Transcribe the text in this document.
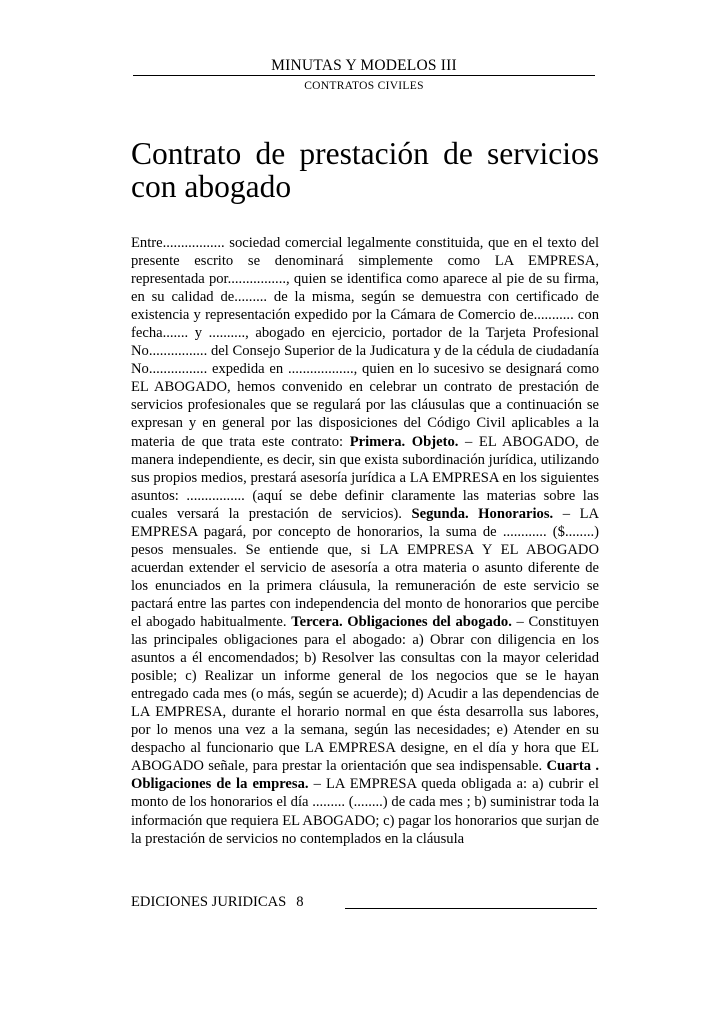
MINUTAS Y MODELOS III
CONTRATOS CIVILES
Contrato de prestación de servicios con abogado

Entre................. sociedad comercial legalmente constituida, que en el texto del presente escrito se denominará simplemente como LA EMPRESA, representada por................, quien se identifica como aparece al pie de su firma, en su calidad de......... de la misma, según se demuestra con certificado de existencia y representación expedido por la Cámara de Comercio de........... con fecha....... y .........., abogado en ejercicio, portador de la Tarjeta Profesional No................ del Consejo Superior de la Judicatura y de la cédula de ciudadanía No................ expedida en .................., quien en lo sucesivo se designará como EL ABOGADO, hemos convenido en celebrar un contrato de prestación de servicios profesionales que se regulará por las cláusulas que a continuación se expresan y en general por las disposiciones del Código Civil aplicables a la materia de que trata este contrato: Primera. Objeto. – EL ABOGADO, de manera independiente, es decir, sin que exista subordinación jurídica, utilizando sus propios medios, prestará asesoría jurídica a LA EMPRESA en los siguientes asuntos: ................ (aquí se debe definir claramente las materias sobre las cuales versará la prestación de servicios). Segunda. Honorarios. – LA EMPRESA pagará, por concepto de honorarios, la suma de ............ ($........) pesos mensuales. Se entiende que, si LA EMPRESA Y EL ABOGADO acuerdan extender el servicio de asesoría a otra materia o asunto diferente de los enunciados en la primera cláusula, la remuneración de este servicio se pactará entre las partes con independencia del monto de honorarios que percibe el abogado habitualmente. Tercera. Obligaciones del abogado. – Constituyen las principales obligaciones para el abogado: a) Obrar con diligencia en los asuntos a él encomendados; b) Resolver las consultas con la mayor celeridad posible; c) Realizar un informe general de los negocios que se le hayan entregado cada mes (o más, según se acuerde); d) Acudir a las dependencias de LA EMPRESA, durante el horario normal en que ésta desarrolla sus labores, por lo menos una vez a la semana, según las necesidades; e) Atender en su despacho al funcionario que LA EMPRESA designe, en el día y hora que EL ABOGADO señale, para prestar la orientación que sea indispensable. Cuarta . Obligaciones de la empresa. – LA EMPRESA queda obligada a: a) cubrir el monto de los honorarios el día ......... (........) de cada mes ; b) suministrar toda la información que requiera EL ABOGADO; c) pagar los honorarios que surjan de la prestación de servicios no contemplados en la cláusula

EDICIONES JURIDICAS 8
